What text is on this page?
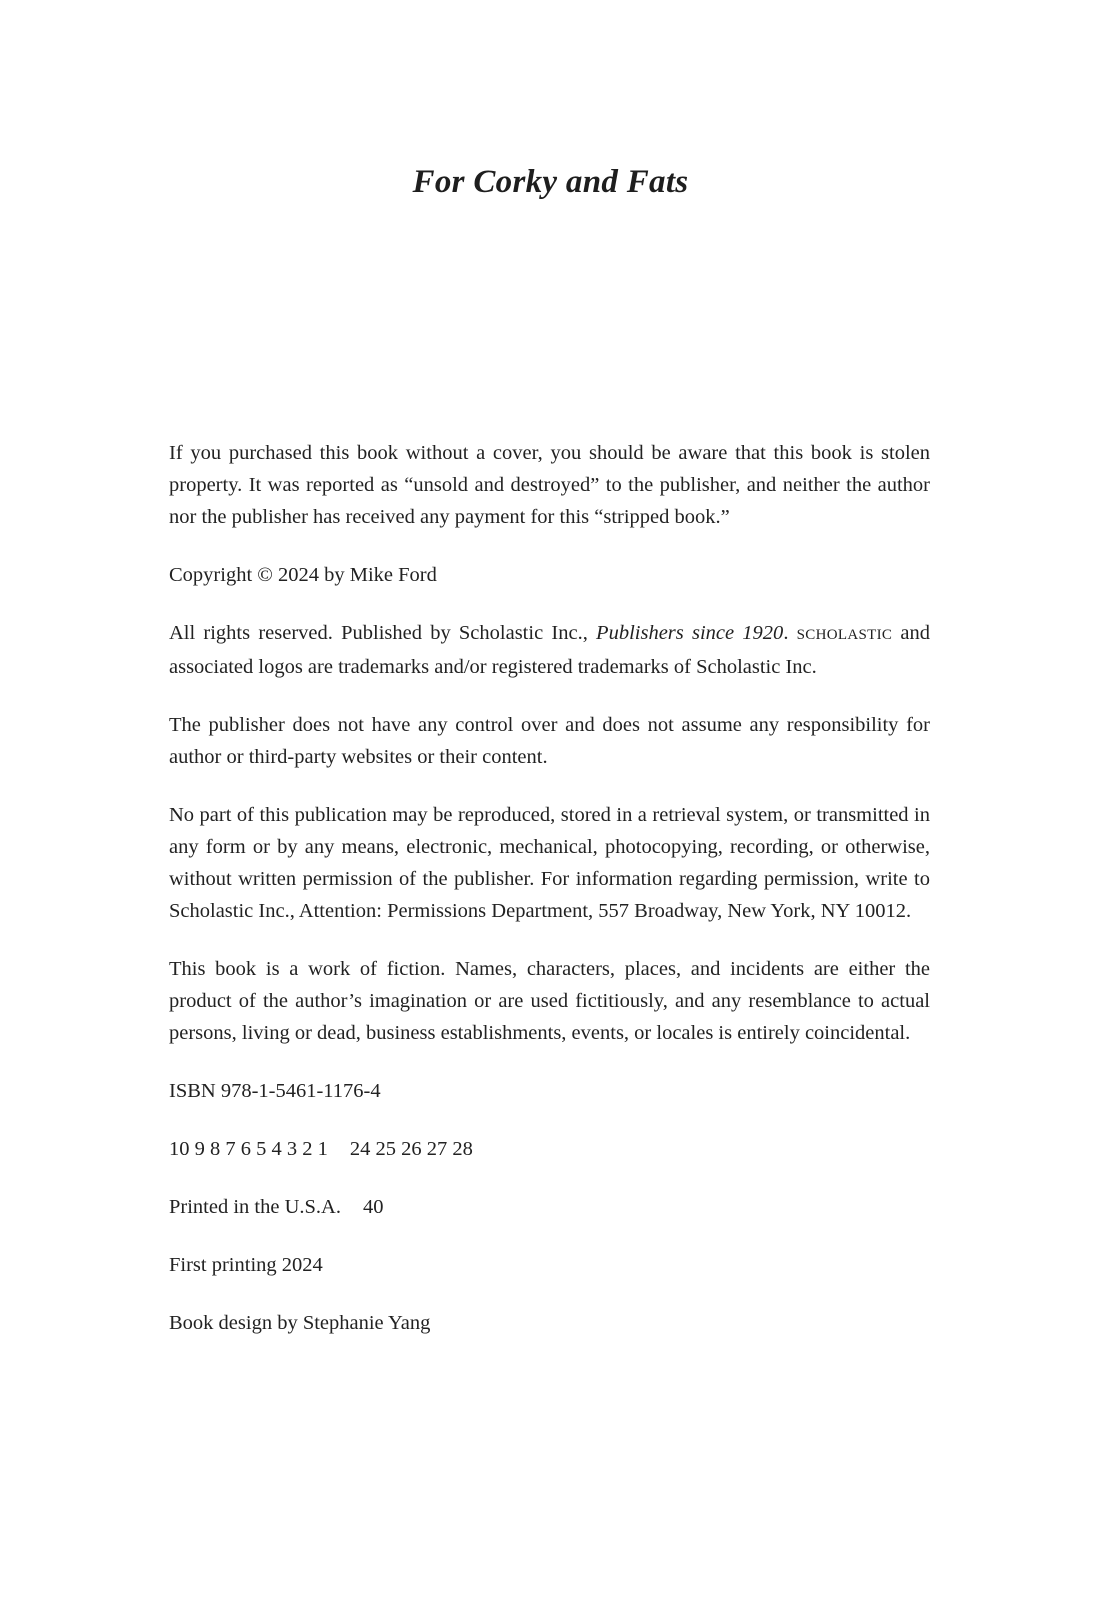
For Corky and Fats

If you purchased this book without a cover, you should be aware that this book is stolen property. It was reported as “unsold and destroyed” to the publisher, and neither the author nor the publisher has received any payment for this “stripped book.”

Copyright © 2024 by Mike Ford

All rights reserved. Published by Scholastic Inc., Publishers since 1920. SCHOLASTIC and associated logos are trademarks and/or registered trademarks of Scholastic Inc.

The publisher does not have any control over and does not assume any responsibility for author or third-party websites or their content.

No part of this publication may be reproduced, stored in a retrieval system, or transmitted in any form or by any means, electronic, mechanical, photocopying, recording, or otherwise, without written permission of the publisher. For information regarding permission, write to Scholastic Inc., Attention: Permissions Department, 557 Broadway, New York, NY 10012.

This book is a work of fiction. Names, characters, places, and incidents are either the product of the author’s imagination or are used fictitiously, and any resemblance to actual persons, living or dead, business establishments, events, or locales is entirely coincidental.

ISBN 978-1-5461-1176-4

10 9 8 7 6 5 4 3 2 1 24 25 26 27 28

Printed in the U.S.A. 40

First printing 2024

Book design by Stephanie Yang
